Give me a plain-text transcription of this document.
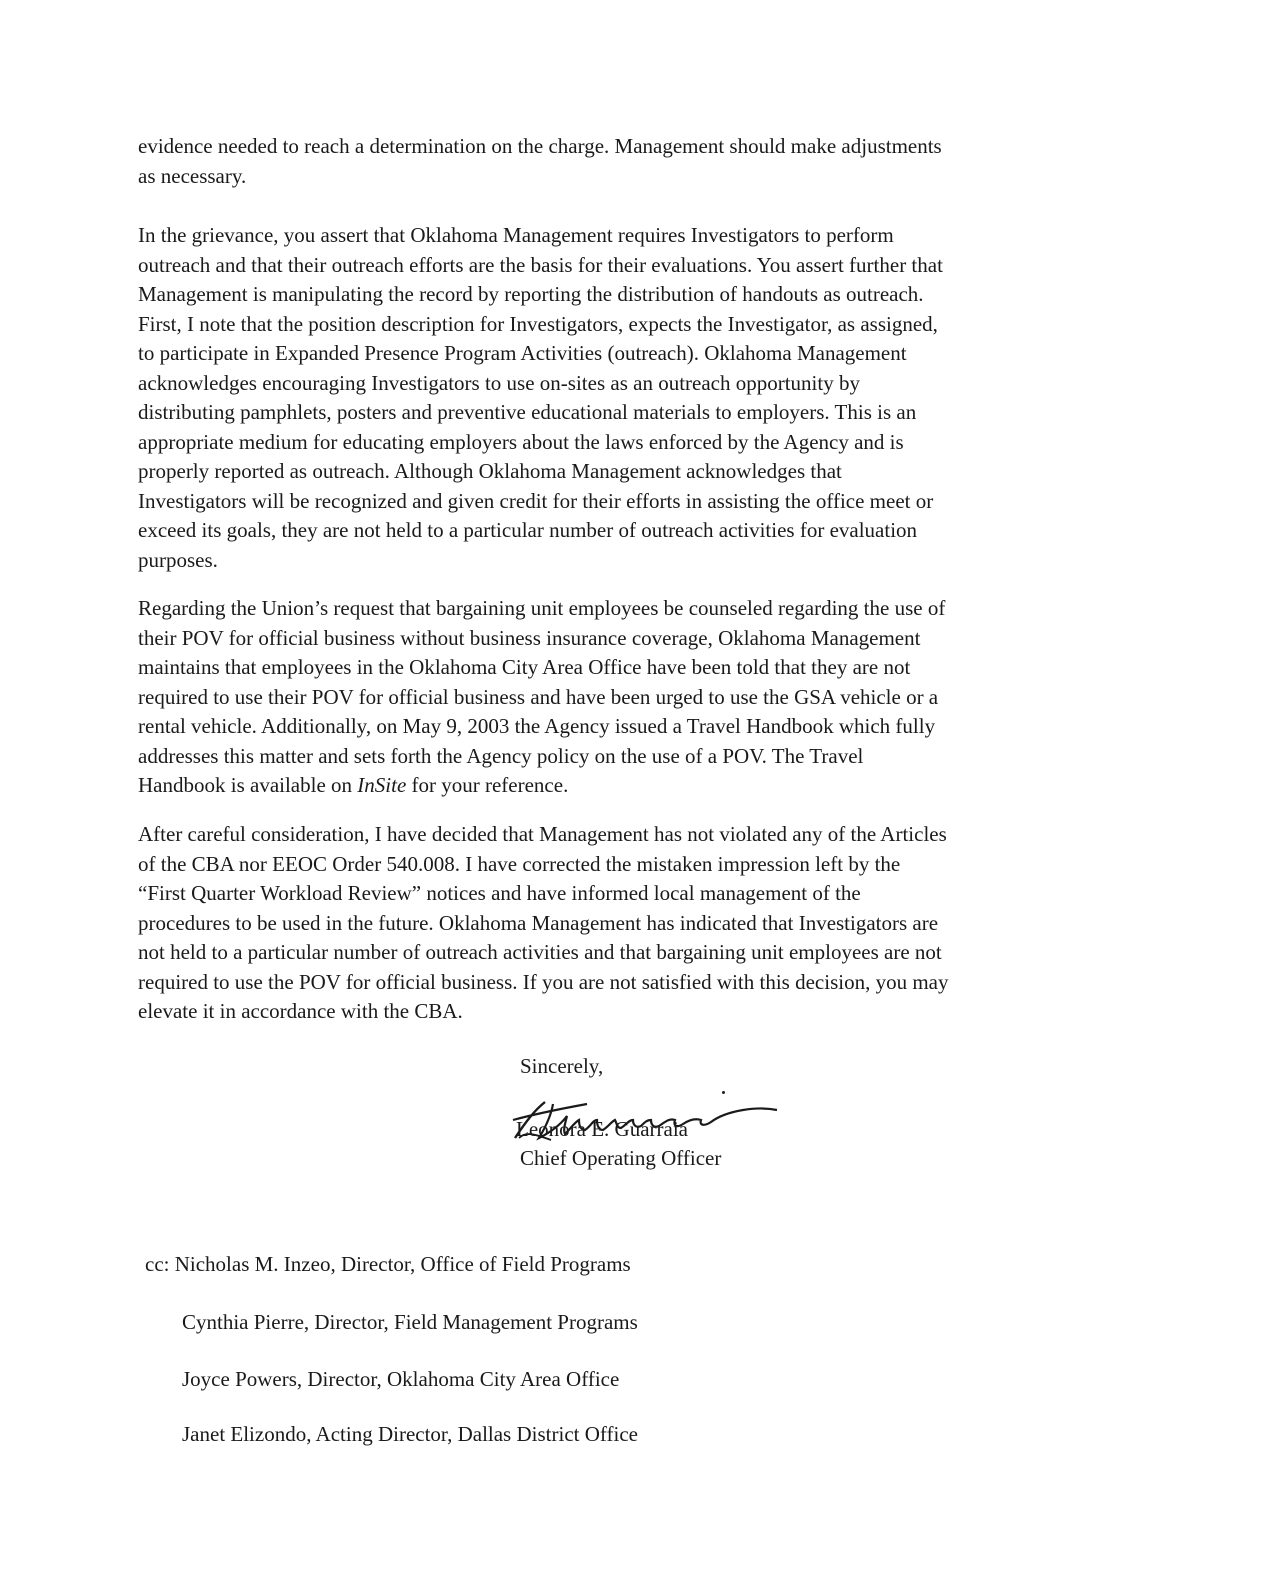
evidence needed to reach a determination on the charge. Management should make adjustments
as necessary.
In the grievance, you assert that Oklahoma Management requires Investigators to perform
outreach and that their outreach efforts are the basis for their evaluations. You assert further that
Management is manipulating the record by reporting the distribution of handouts as outreach.
First, I note that the position description for Investigators, expects the Investigator, as assigned,
to participate in Expanded Presence Program Activities (outreach). Oklahoma Management
acknowledges encouraging Investigators to use on-sites as an outreach opportunity by
distributing pamphlets, posters and preventive educational materials to employers. This is an
appropriate medium for educating employers about the laws enforced by the Agency and is
properly reported as outreach. Although Oklahoma Management acknowledges that
Investigators will be recognized and given credit for their efforts in assisting the office meet or
exceed its goals, they are not held to a particular number of outreach activities for evaluation
purposes.
Regarding the Union’s request that bargaining unit employees be counseled regarding the use of
their POV for official business without business insurance coverage, Oklahoma Management
maintains that employees in the Oklahoma City Area Office have been told that they are not
required to use their POV for official business and have been urged to use the GSA vehicle or a
rental vehicle. Additionally, on May 9, 2003 the Agency issued a Travel Handbook which fully
addresses this matter and sets forth the Agency policy on the use of a POV. The Travel
Handbook is available on InSite for your reference.
After careful consideration, I have decided that Management has not violated any of the Articles
of the CBA nor EEOC Order 540.008. I have corrected the mistaken impression left by the
“First Quarter Workload Review” notices and have informed local management of the
procedures to be used in the future. Oklahoma Management has indicated that Investigators are
not held to a particular number of outreach activities and that bargaining unit employees are not
required to use the POV for official business. If you are not satisfied with this decision, you may
elevate it in accordance with the CBA.
Sincerely,
Leonora E. Guarraia
Chief Operating Officer
cc: Nicholas M. Inzeo, Director, Office of Field Programs
Cynthia Pierre, Director, Field Management Programs
Joyce Powers, Director, Oklahoma City Area Office
Janet Elizondo, Acting Director, Dallas District Office
